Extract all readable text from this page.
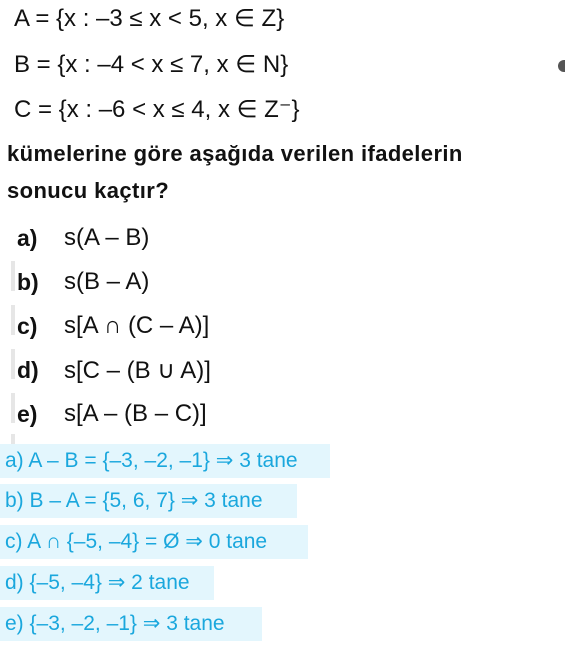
A = {x : –3 ≤ x < 5, x ∈ Z}
B = {x : –4 < x ≤ 7, x ∈ N}
C = {x : –6 < x ≤ 4, x ∈ Z⁻}
kümelerine göre aşağıda verilen ifadelerin
sonucu kaçtır?
a) s(A – B)
b) s(B – A)
c) s[A ∩ (C – A)]
d) s[C – (B ∪ A)]
e) s[A – (B – C)]
a) A – B = {–3, –2, –1} ⇒ 3 tane
b) B – A = {5, 6, 7} ⇒ 3 tane
c) A ∩ {–5, –4} = Ø ⇒ 0 tane
d) {–5, –4} ⇒ 2 tane
e) {–3, –2, –1} ⇒ 3 tane
